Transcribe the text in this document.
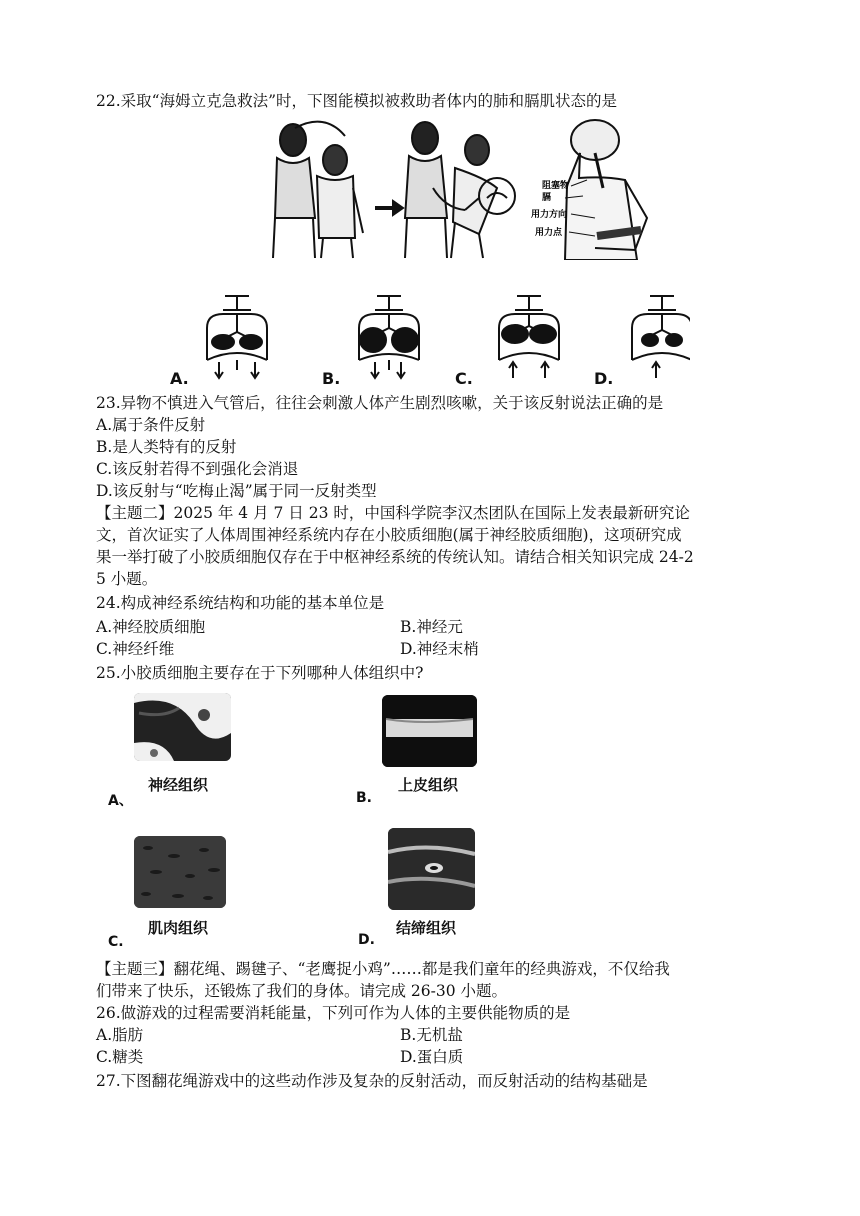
22.采取“海姆立克急救法”时，下图能模拟被救助者体内的肺和膈肌状态的是
阻塞物
膈
用力方向
用力点
A.	B.	C.	D.
23.异物不慎进入气管后，往往会刺激人体产生剧烈咳嗽，关于该反射说法正确的是
A.属于条件反射
B.是人类特有的反射
C.该反射若得不到强化会消退
D.该反射与“吃梅止渴”属于同一反射类型
【主题二】2025 年 4 月 7 日 23 时，中国科学院李汉杰团队在国际上发表最新研究论
文，首次证实了人体周围神经系统内存在小胶质细胞(属于神经胶质细胞)，这项研究成
果一举打破了小胶质细胞仅存在于中枢神经系统的传统认知。请结合相关知识完成 24-2
5 小题。
24.构成神经系统结构和功能的基本单位是
A.神经胶质细胞	B.神经元
C.神经纤维	D.神经末梢
25.小胶质细胞主要存在于下列哪种人体组织中?
神经组织	上皮组织
A、	B.
肌肉组织	结缔组织
C.	D.
【主题三】翻花绳、踢毽子、“老鹰捉小鸡”……都是我们童年的经典游戏，不仅给我
们带来了快乐，还锻炼了我们的身体。请完成 26-30 小题。
26.做游戏的过程需要消耗能量，下列可作为人体的主要供能物质的是
A.脂肪	B.无机盐
C.糖类	D.蛋白质
27.下图翻花绳游戏中的这些动作涉及复杂的反射活动，而反射活动的结构基础是
